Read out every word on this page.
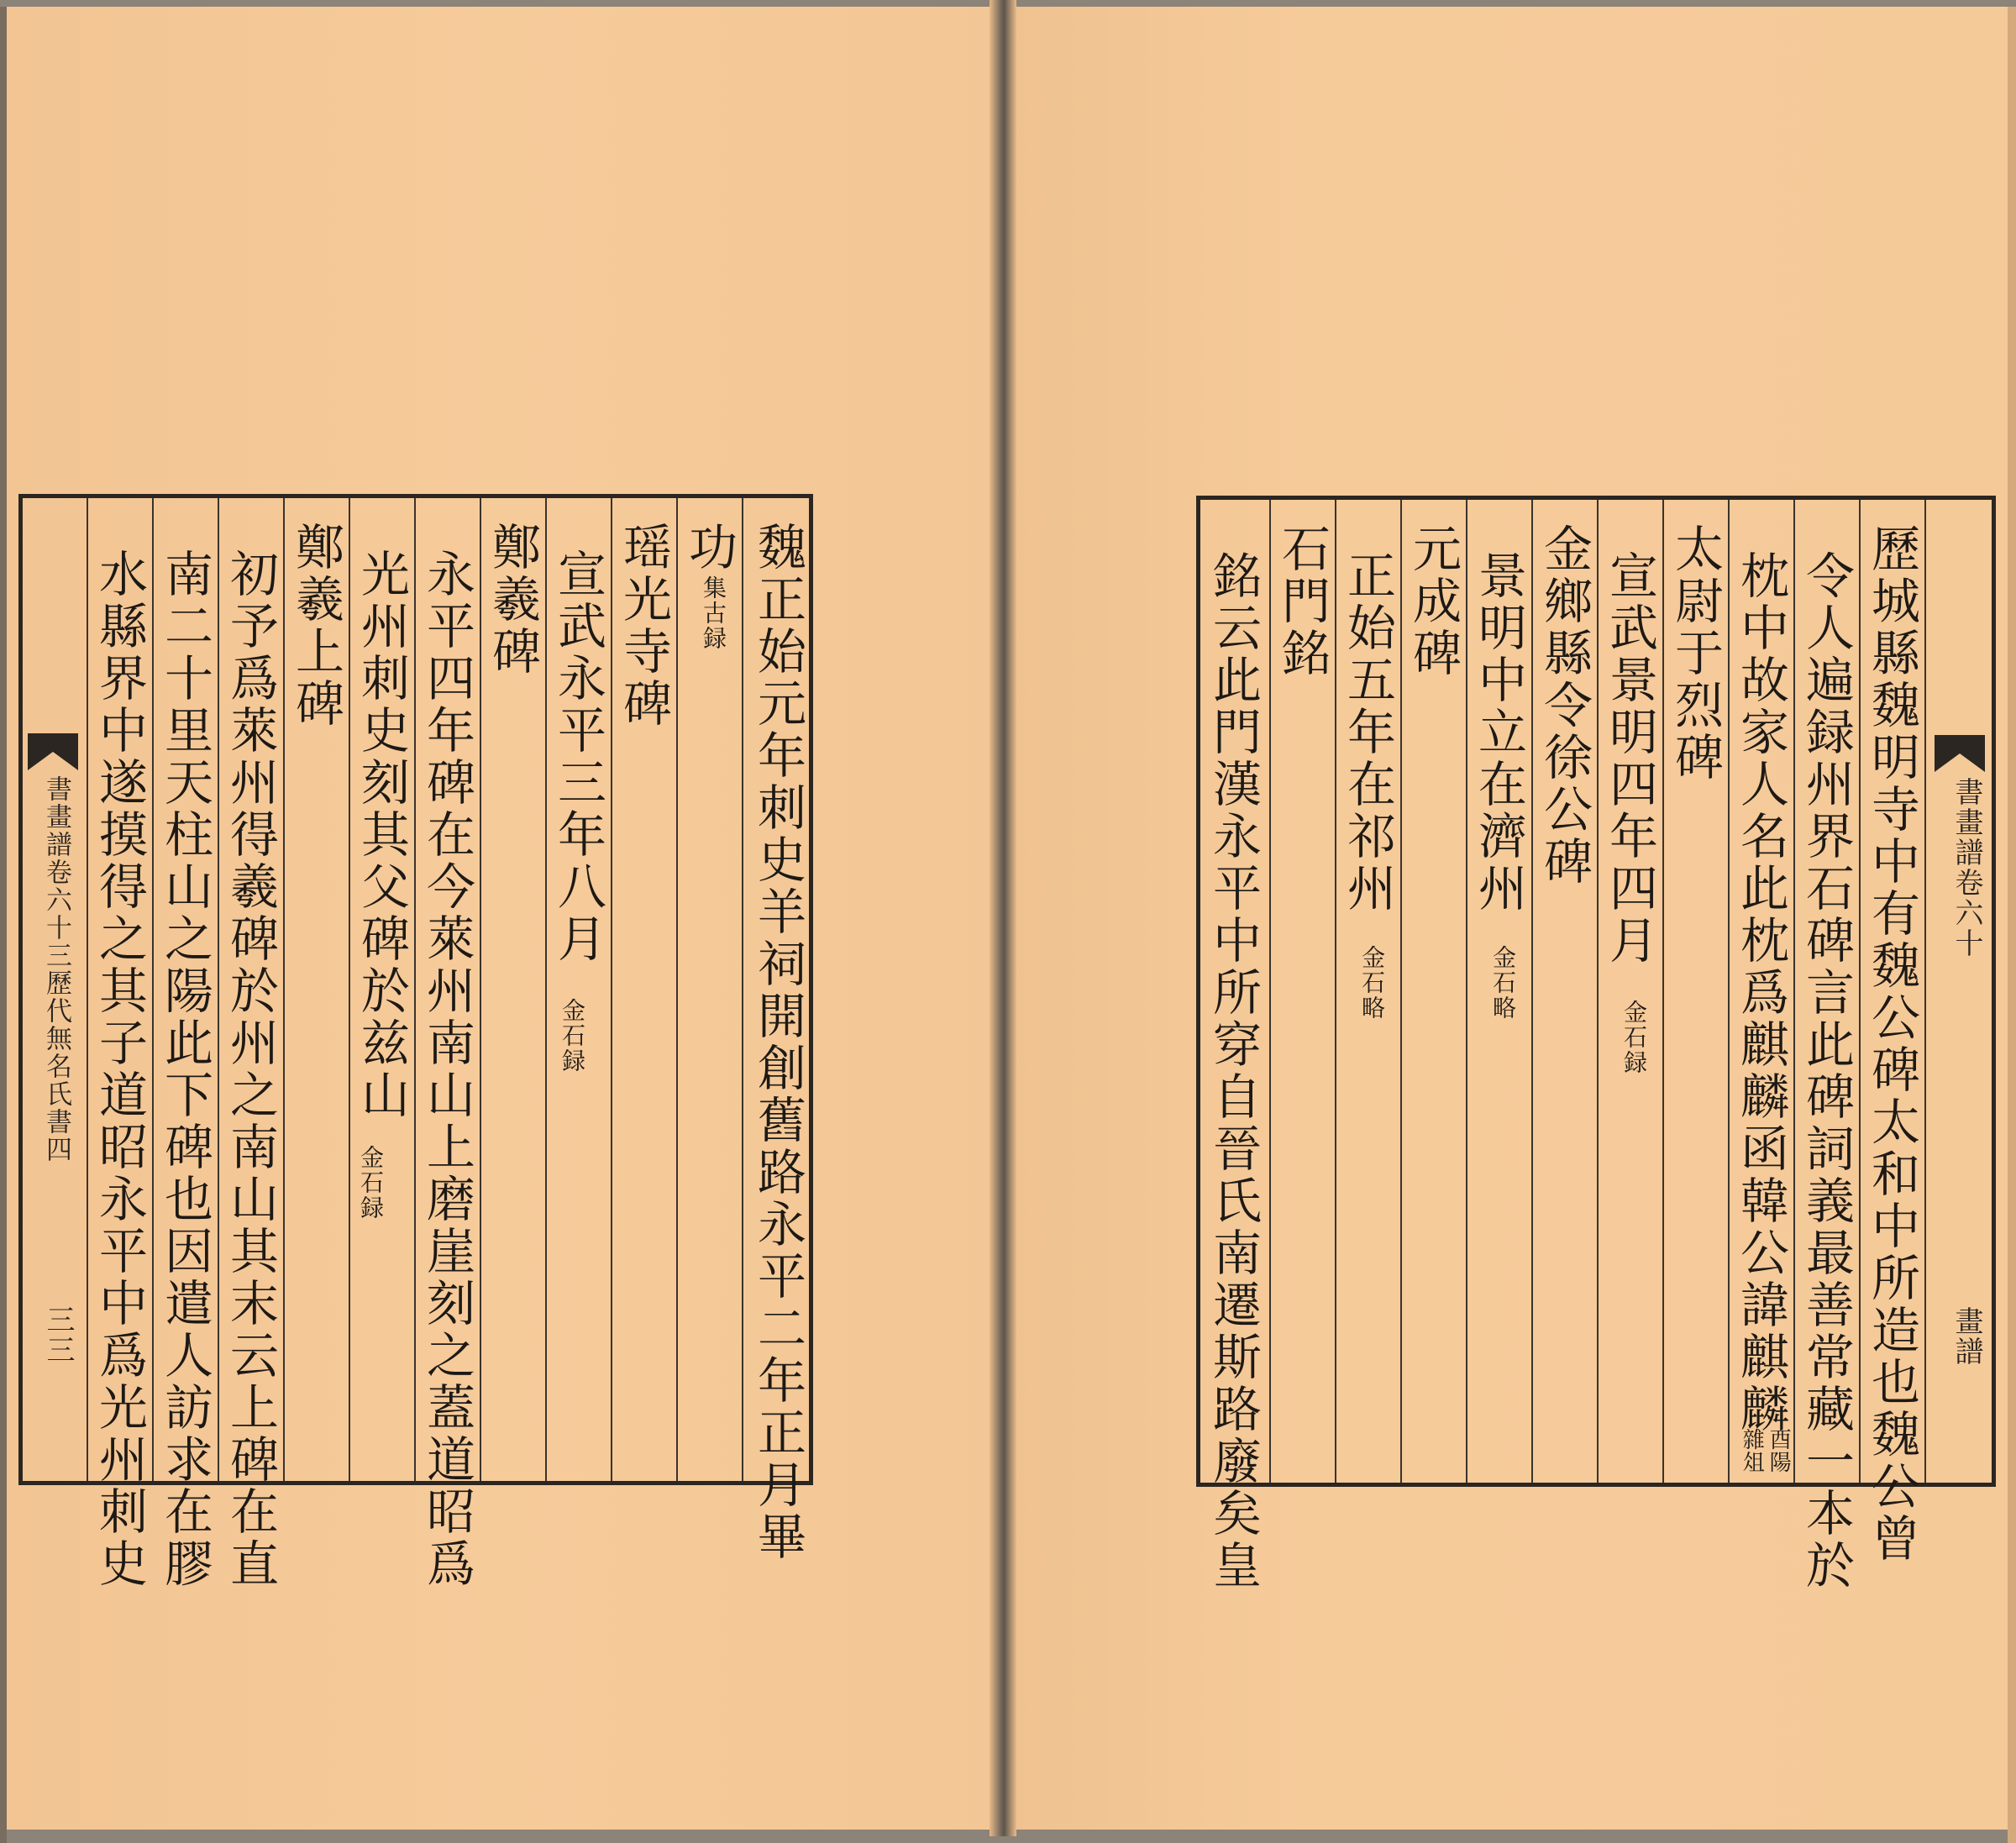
魏正始元年刺史羊祠開創舊路永平二年正月畢
功
集古録
瑶光寺碑
宣武永平三年八月
金石録
鄭羲碑
永平四年碑在今萊州南山上磨崖刻之蓋道昭爲
光州刺史刻其父碑於兹山
金石録
鄭羲上碑
初予爲萊州得羲碑於州之南山其末云上碑在直
南二十里天柱山之陽此下碑也因遣人訪求在膠
水縣界中遂摸得之其子道昭永平中爲光州刺史
書畫譜卷六十三歷代無名氏書四
三三
書畫譜卷六十
畫譜
歷城縣魏明寺中有魏公碑太和中所造也魏公曾
令人遍録州界石碑言此碑詞義最善常藏一本於
枕中故家人名此枕爲麒麟函韓公諱麒麟
酉陽
雜俎
太尉于烈碑
宣武景明四年四月
金石録
金鄉縣令徐公碑
景明中立在濟州
金石略
元成碑
正始五年在祁州
金石略
石門銘
銘云此門漢永平中所穿自晉氏南遷斯路廢矣皇
